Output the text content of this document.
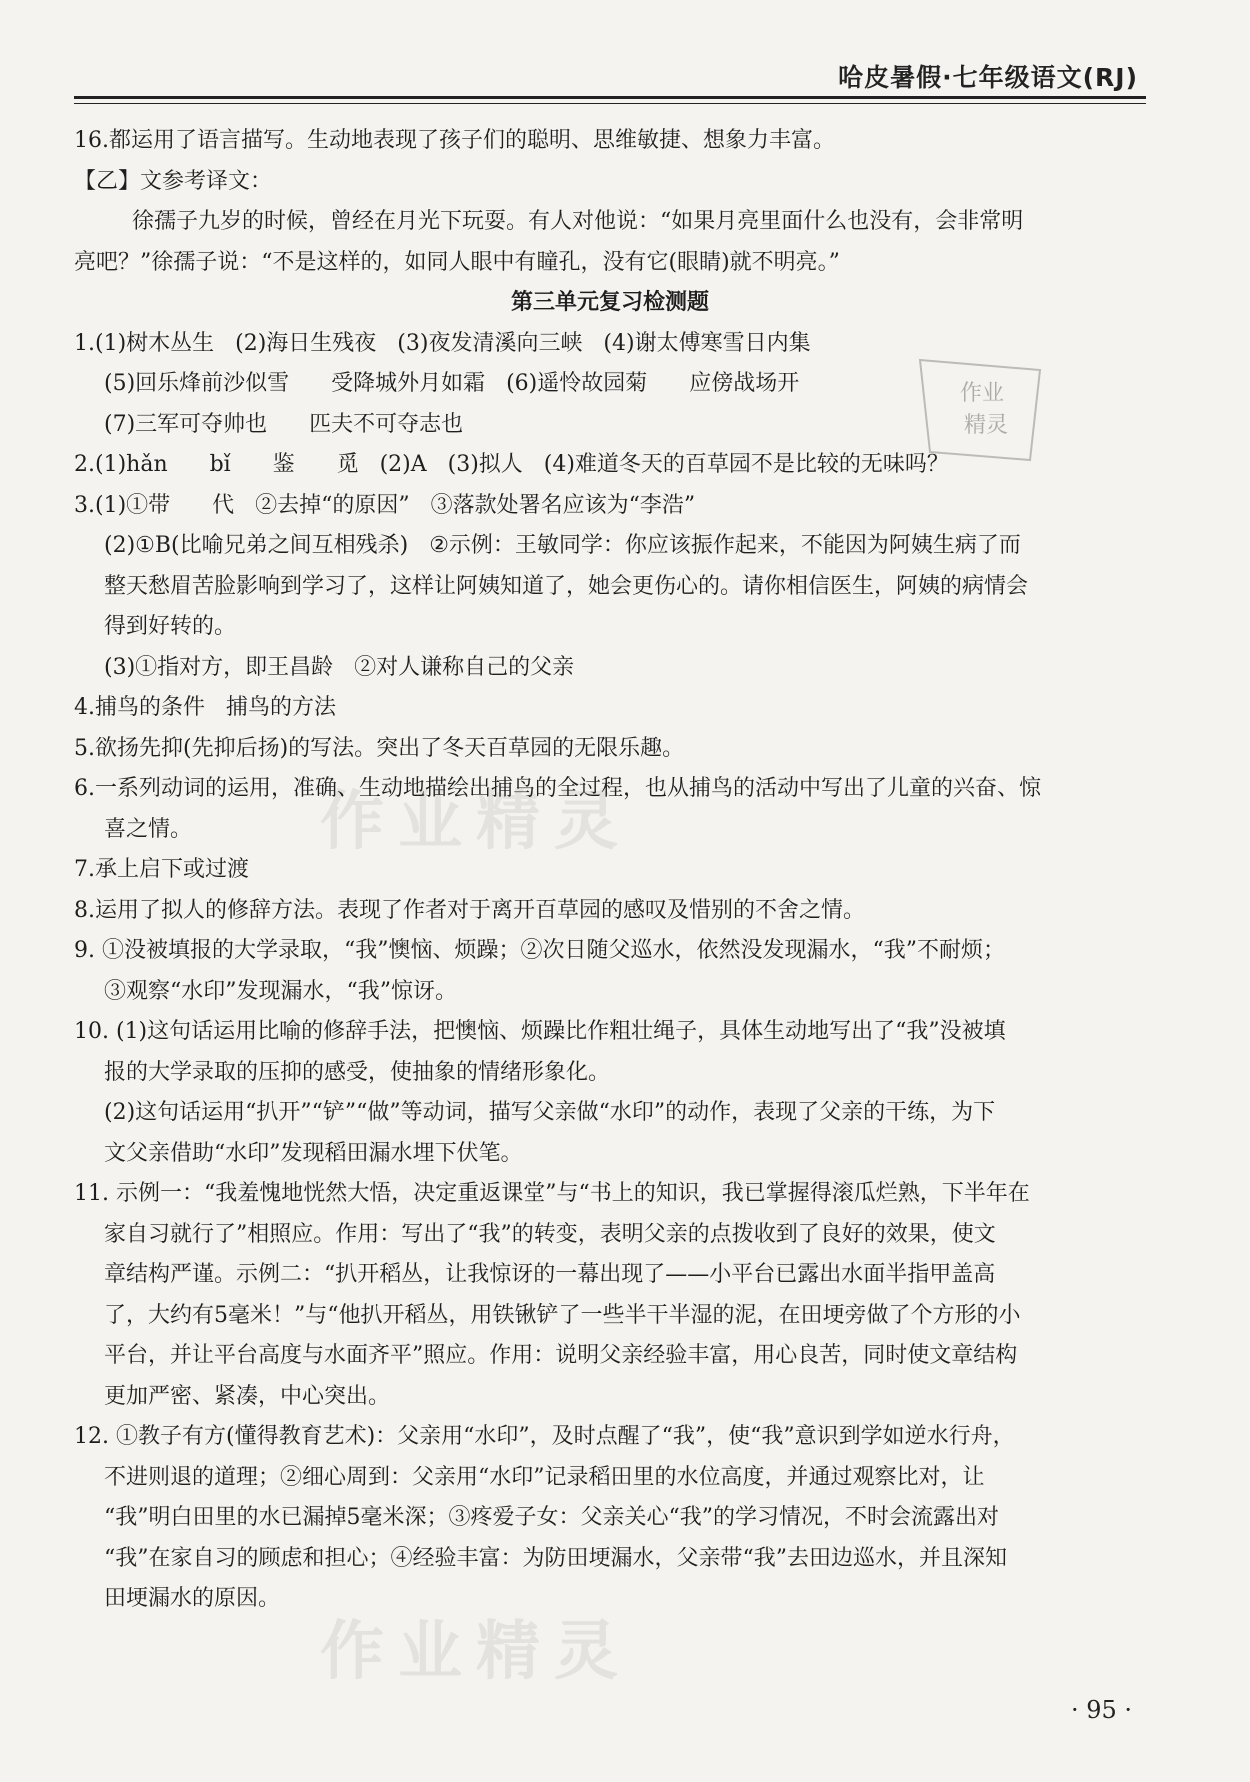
哈皮暑假·七年级语文(RJ)
作业
精灵
作业精灵
作业精灵

16.都运用了语言描写。生动地表现了孩子们的聪明、思维敏捷、想象力丰富。

【乙】文参考译文：

徐孺子九岁的时候，曾经在月光下玩耍。有人对他说：“如果月亮里面什么也没有，会非常明

亮吧？”徐孺子说：“不是这样的，如同人眼中有瞳孔，没有它(眼睛)就不明亮。”

第三单元复习检测题

1.(1)树木丛生   (2)海日生残夜   (3)夜发清溪向三峡   (4)谢太傅寒雪日内集

(5)回乐烽前沙似雪      受降城外月如霜   (6)遥怜故园菊      应傍战场开

(7)三军可夺帅也      匹夫不可夺志也

2.(1)hǎn      bǐ      鉴      觅   (2)A   (3)拟人   (4)难道冬天的百草园不是比较的无味吗？

3.(1)①带      代   ②去掉“的原因”   ③落款处署名应该为“李浩”

(2)①B(比喻兄弟之间互相残杀)   ②示例：王敏同学：你应该振作起来，不能因为阿姨生病了而

整天愁眉苦脸影响到学习了，这样让阿姨知道了，她会更伤心的。请你相信医生，阿姨的病情会

得到好转的。

(3)①指对方，即王昌龄   ②对人谦称自己的父亲

4.捕鸟的条件   捕鸟的方法

5.欲扬先抑(先抑后扬)的写法。突出了冬天百草园的无限乐趣。

6.一系列动词的运用，准确、生动地描绘出捕鸟的全过程，也从捕鸟的活动中写出了儿童的兴奋、惊

喜之情。

7.承上启下或过渡

8.运用了拟人的修辞方法。表现了作者对于离开百草园的感叹及惜别的不舍之情。

9. ①没被填报的大学录取，“我”懊恼、烦躁；②次日随父巡水，依然没发现漏水，“我”不耐烦；

③观察“水印”发现漏水，“我”惊讶。

10. (1)这句话运用比喻的修辞手法，把懊恼、烦躁比作粗壮绳子，具体生动地写出了“我”没被填

报的大学录取的压抑的感受，使抽象的情绪形象化。

(2)这句话运用“扒开”“铲”“做”等动词，描写父亲做“水印”的动作，表现了父亲的干练，为下

文父亲借助“水印”发现稻田漏水埋下伏笔。

11. 示例一：“我羞愧地恍然大悟，决定重返课堂”与“书上的知识，我已掌握得滚瓜烂熟，下半年在

家自习就行了”相照应。作用：写出了“我”的转变，表明父亲的点拨收到了良好的效果，使文

章结构严谨。示例二：“扒开稻丛，让我惊讶的一幕出现了——小平台已露出水面半指甲盖高

了，大约有5毫米！”与“他扒开稻丛，用铁锹铲了一些半干半湿的泥，在田埂旁做了个方形的小

平台，并让平台高度与水面齐平”照应。作用：说明父亲经验丰富，用心良苦，同时使文章结构

更加严密、紧凑，中心突出。

12. ①教子有方(懂得教育艺术)：父亲用“水印”，及时点醒了“我”，使“我”意识到学如逆水行舟，

不进则退的道理；②细心周到：父亲用“水印”记录稻田里的水位高度，并通过观察比对，让

“我”明白田里的水已漏掉5毫米深；③疼爱子女：父亲关心“我”的学习情况，不时会流露出对

“我”在家自习的顾虑和担心；④经验丰富：为防田埂漏水，父亲带“我”去田边巡水，并且深知

田埂漏水的原因。

· 95 ·
